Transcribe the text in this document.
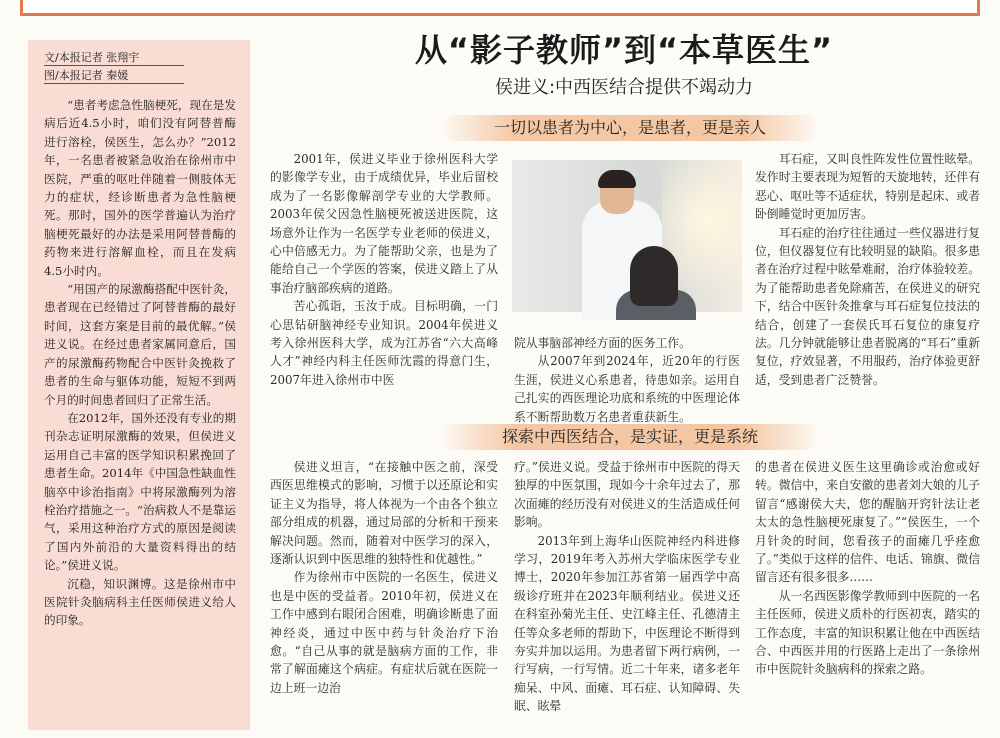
文/本报记者 张翔宇
图/本报记者 秦媛

“患者考虑急性脑梗死，现在是发病后近4.5小时，咱们没有阿替普酶进行溶栓，侯医生，怎么办？”2012年，一名患者被紧急收治在徐州市中医院，严重的呕吐伴随着一侧肢体无力的症状，经诊断患者为急性脑梗死。那时，国外的医学普遍认为治疗脑梗死最好的办法是采用阿替普酶的药物来进行溶解血栓，而且在发病4.5小时内。

“用国产的尿激酶搭配中医针灸，患者现在已经错过了阿替普酶的最好时间，这套方案是目前的最优解。”侯进义说。在经过患者家属同意后，国产的尿激酶药物配合中医针灸挽救了患者的生命与躯体功能，短短不到两个月的时间患者回归了正常生活。

在2012年，国外还没有专业的期刊杂志证明尿激酶的效果，但侯进义运用自己丰富的医学知识积累挽回了患者生命。2014年《中国急性缺血性脑卒中诊治指南》中将尿激酶列为溶栓治疗措施之一。“治病救人不是靠运气，采用这种治疗方式的原因是阅读了国内外前沿的大量资料得出的结论。”侯进义说。

沉稳，知识渊博。这是徐州市中医院针灸脑病科主任医师侯进义给人的印象。

从“影子教师”到“本草医生”
侯进义:中西医结合提供不竭动力
一切以患者为中心，是患者，更是亲人

2001年，侯进义毕业于徐州医科大学的影像学专业，由于成绩优异，毕业后留校成为了一名影像解剖学专业的大学教师。2003年侯父因急性脑梗死被送进医院，这场意外让作为一名医学专业老师的侯进义，心中倍感无力。为了能帮助父亲，也是为了能给自己一个学医的答案，侯进义踏上了从事治疗脑部疾病的道路。

苦心孤诣，玉汝于成。目标明确，一门心思钻研脑神经专业知识。2004年侯进义考入徐州医科大学，成为江苏省“六大高峰人才”神经内科主任医师沈霞的得意门生，2007年进入徐州市中医

院从事脑部神经方面的医务工作。

从2007年到2024年，近20年的行医生涯，侯进义心系患者，待患如亲。运用自己扎实的西医理论功底和系统的中医理论体系不断帮助数万名患者重获新生。

耳石症，又叫良性阵发性位置性眩晕。发作时主要表现为短暂的天旋地转，还伴有恶心、呕吐等不适症状，特别是起床、或者卧倒睡觉时更加厉害。

耳石症的治疗往往通过一些仪器进行复位，但仪器复位有比较明显的缺陷。很多患者在治疗过程中眩晕难耐，治疗体验较差。为了能帮助患者免除痛苦，在侯进义的研究下，结合中医针灸推拿与耳石症复位技法的结合，创建了一套侯氏耳石复位的康复疗法。几分钟就能够让患者脱离的“耳石”重新复位，疗效显著，不用服药，治疗体验更舒适，受到患者广泛赞誉。

探索中西医结合，是实证，更是系统

侯进义坦言，“在接触中医之前，深受西医思维模式的影响，习惯于以还原论和实证主义为指导，将人体视为一个由各个独立部分组成的机器，通过局部的分析和干预来解决问题。然而，随着对中医学习的深入，逐渐认识到中医思维的独特性和优越性。”

作为徐州市中医院的一名医生，侯进义也是中医的受益者。2010年初，侯进义在工作中感到右眼闭合困难，明确诊断患了面神经炎，通过中医中药与针灸治疗下治愈。“自己从事的就是脑病方面的工作，非常了解面瘫这个病症。有症状后就在医院一边上班一边治

疗。”侯进义说。受益于徐州市中医院的得天独厚的中医氛围，现如今十余年过去了，那次面瘫的经历没有对侯进义的生活造成任何影响。

2013年到上海华山医院神经内科进修学习，2019年考入苏州大学临床医学专业博士，2020年参加江苏省第一届西学中高级诊疗班并在2023年顺利结业。侯进义还在科室孙菊光主任、史江峰主任、孔德清主任等众多老师的帮助下，中医理论不断得到夯实并加以运用。为患者留下两行病例，一行写病，一行写情。近二十年来，诸多老年痴呆、中风、面瘫、耳石症、认知障碍、失眠、眩晕

的患者在侯进义医生这里确诊或治愈或好转。微信中，来自安徽的患者刘大娘的儿子留言“感谢侯大夫，您的醒脑开窍针法让老太太的急性脑梗死康复了。”“侯医生，一个月针灸的时间，您看孩子的面瘫几乎痊愈了。”类似于这样的信件、电话、锦旗、微信留言还有很多很多……

从一名西医影像学教师到中医院的一名主任医师，侯进义质朴的行医初衷，踏实的工作态度，丰富的知识积累让他在中西医结合、中西医并用的行医路上走出了一条徐州市中医院针灸脑病科的探索之路。
